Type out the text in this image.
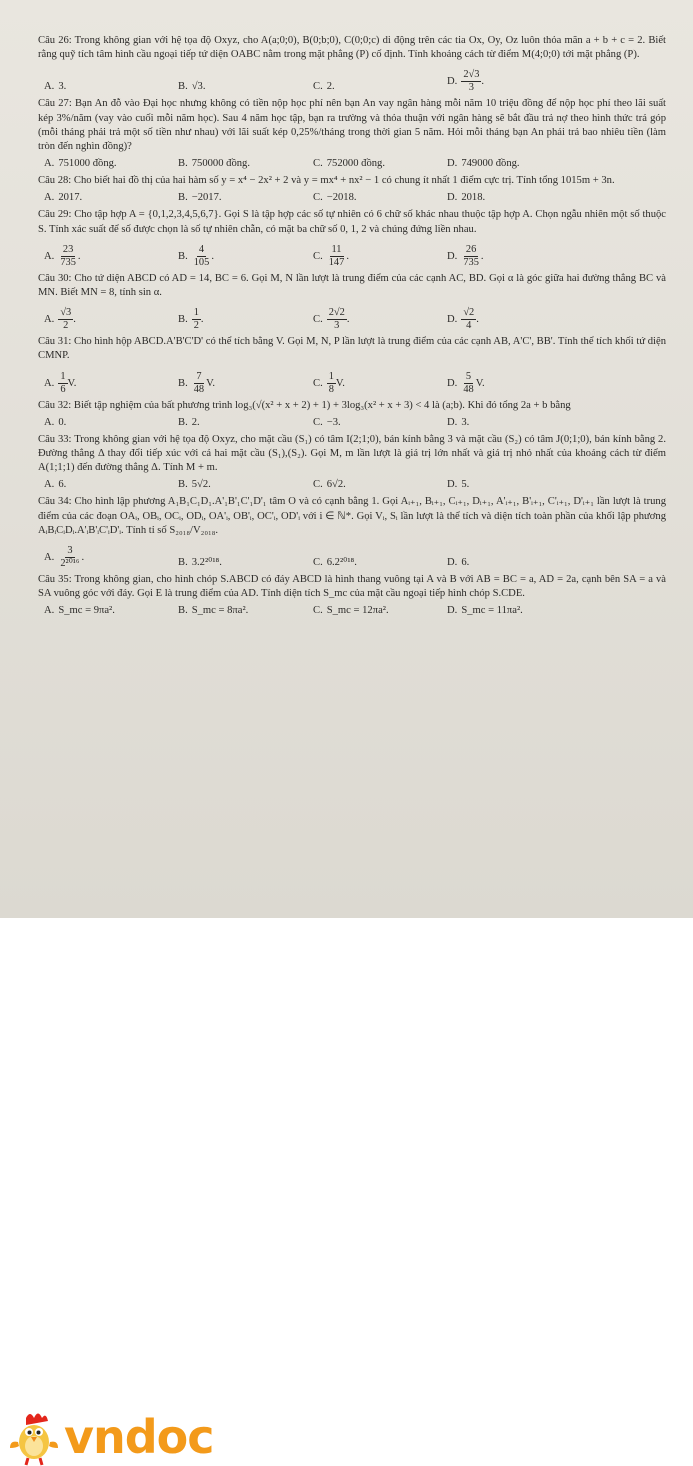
Câu 26: Trong không gian với hệ tọa độ Oxyz, cho A(a;0;0), B(0;b;0), C(0;0;c) di động trên các tia Ox, Oy, Oz luôn thỏa mãn a + b + c = 2. Biết rằng quỹ tích tâm hình cầu ngoại tiếp tứ diện OABC nằm trong mặt phẳng (P) cố định. Tính khoảng cách từ điểm M(4;0;0) tới mặt phẳng (P).
A. 3.	B. √3.	C. 2.	D. $\frac{2√3}{3}$ .
Câu 27: Bạn An đỗ vào Đại học nhưng không có tiền nộp học phí nên bạn An vay ngân hàng mỗi năm 10 triệu đồng để nộp học phí theo lãi suất kép 3%/năm (vay vào cuối mỗi năm học). Sau 4 năm học tập, bạn ra trường và thỏa thuận với ngân hàng sẽ bắt đầu trả nợ theo hình thức trả góp (mỗi tháng phải trả một số tiền như nhau) với lãi suất kép 0,25%/tháng trong thời gian 5 năm. Hỏi mỗi tháng bạn An phải trả bao nhiêu tiền (làm tròn đến nghìn đồng)?
A. 751000 đồng.	B. 750000 đồng.	C. 752000 đồng.	D. 749000 đồng.
Câu 28: Cho biết hai đồ thị của hai hàm số y = x⁴ − 2x² + 2 và y = mx⁴ + nx² − 1 có chung ít nhất 1 điểm cực trị. Tính tổng 1015m + 3n.
A. 2017.	B. −2017.	C. −2018.	D. 2018.
Câu 29: Cho tập hợp A = {0,1,2,3,4,5,6,7}. Gọi S là tập hợp các số tự nhiên có 6 chữ số khác nhau thuộc tập hợp A. Chọn ngẫu nhiên một số thuộc S. Tính xác suất để số được chọn là số tự nhiên chẵn, có mặt ba chữ số 0, 1, 2 và chúng đứng liền nhau.
A. $\frac{23}{735}$ .	B. $\frac{4}{105}$ .	C. $\frac{11}{147}$ .	D. $\frac{26}{735}$ .
Câu 30: Cho tứ diện ABCD có AD = 14, BC = 6. Gọi M, N lần lượt là trung điểm của các cạnh AC, BD. Gọi α là góc giữa hai đường thẳng BC và MN. Biết MN = 8, tính sin α.
A. $\frac{√3}{2}$ .	B. $\frac{1}{2}$ .	C. $\frac{2√2}{3}$ .	D. $\frac{√2}{4}$ .
Câu 31: Cho hình hộp ABCD.A'B'C'D' có thể tích bằng V. Gọi M, N, P lần lượt là trung điểm của các cạnh AB, A'C', BB'. Tính thể tích khối tứ diện CMNP.
A. $\frac{1}{6} V$.	B. $\frac{7}{48} V$.	C. $\frac{1}{8} V$.	D. $\frac{5}{48} V$.
Câu 32: Biết tập nghiệm của bất phương trình log₃(√(x² + x + 2) + 1) + 3log₃(x² + x + 3) < 4 là (a;b). Khi đó tổng 2a + b bằng
A. 0.	B. 2.	C. −3.	D. 3.
Câu 33: Trong không gian với hệ tọa độ Oxyz, cho mặt cầu (S₁) có tâm I(2;1;0), bán kính bằng 3 và mặt cầu (S₂) có tâm J(0;1;0), bán kính bằng 2. Đường thẳng Δ thay đổi tiếp xúc với cả hai mặt cầu (S₁),(S₂). Gọi M, m lần lượt là giá trị lớn nhất và giá trị nhỏ nhất của khoảng cách từ điểm A(1;1;1) đến đường thẳng Δ. Tính M + m.
A. 6.	B. 5√2.	C. 6√2.	D. 5.
Câu 34: Cho hình lập phương A₁B₁C₁D₁.A'₁B'₁C'₁D'₁ tâm O và có cạnh bằng 1. Gọi Aᵢ₊₁, Bᵢ₊₁, Cᵢ₊₁, Dᵢ₊₁, A'ᵢ₊₁, B'ᵢ₊₁, C'ᵢ₊₁, D'ᵢ₊₁ lần lượt là trung điểm của các đoạn OAᵢ, OBᵢ, OCᵢ, ODᵢ, OA'ᵢ, OB'ᵢ, OC'ᵢ, OD'ᵢ với i ∈ ℕ*. Gọi Vᵢ, Sᵢ lần lượt là thể tích và diện tích toàn phần của khối lập phương AᵢBᵢCᵢDᵢ.A'ᵢB'ᵢC'ᵢD'ᵢ. Tính tỉ số S₂₀₁₈/V₂₀₁₈.
A. $\frac{3}{\text{2²⁰¹⁶}}$ .	B. 3.2²⁰¹⁸.	C. 6.2²⁰¹⁸.	D. 6.
Câu 35: Trong không gian, cho hình chóp S.ABCD có đáy ABCD là hình thang vuông tại A và B với AB = BC = a, AD = 2a, cạnh bên SA = a và SA vuông góc với đáy. Gọi E là trung điểm của AD. Tính diện tích S_mc của mặt cầu ngoại tiếp hình chóp S.CDE.
A. S_mc = 9πa².	B. S_mc = 8πa².	C. S_mc = 12πa².	D. S_mc = 11πa².
vndoc
